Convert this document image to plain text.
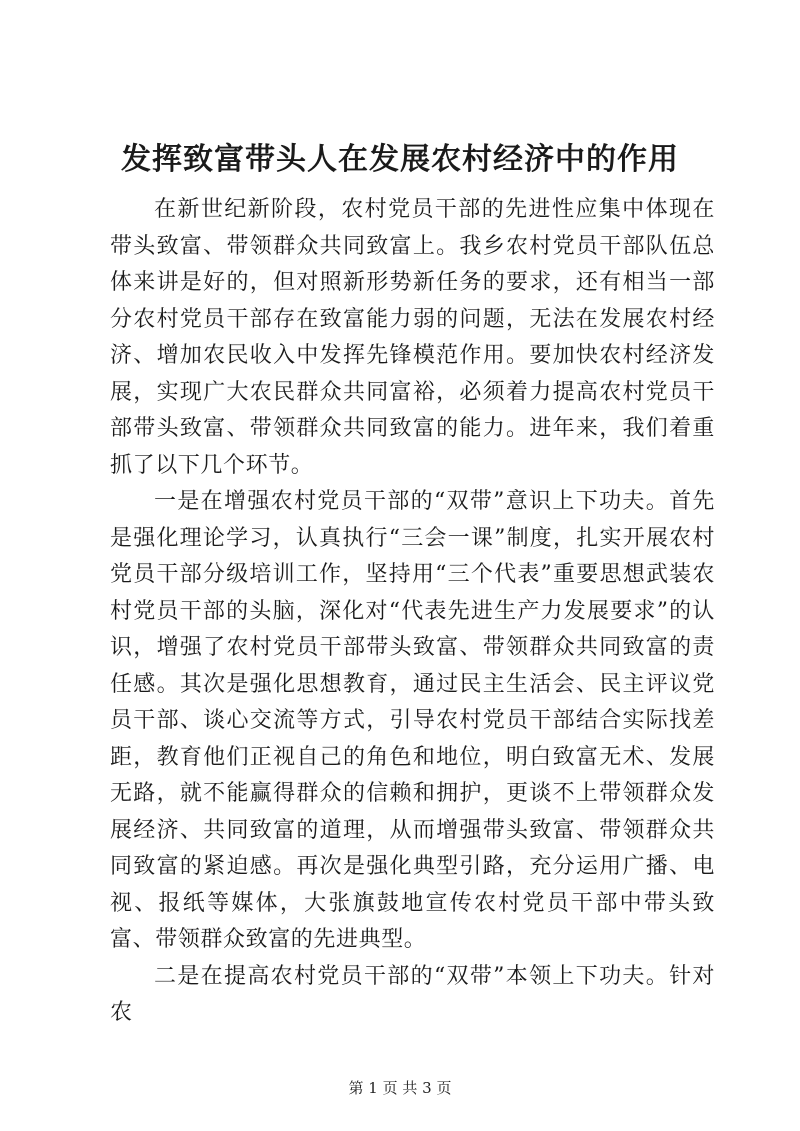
发挥致富带头人在发展农村经济中的作用

在新世纪新阶段，农村党员干部的先进性应集中体现在带头致富、带领群众共同致富上。我乡农村党员干部队伍总体来讲是好的，但对照新形势新任务的要求，还有相当一部分农村党员干部存在致富能力弱的问题，无法在发展农村经济、增加农民收入中发挥先锋模范作用。要加快农村经济发展，实现广大农民群众共同富裕，必须着力提高农村党员干部带头致富、带领群众共同致富的能力。进年来，我们着重抓了以下几个环节。

一是在增强农村党员干部的“双带”意识上下功夫。首先是强化理论学习，认真执行“三会一课”制度，扎实开展农村党员干部分级培训工作，坚持用“三个代表”重要思想武装农村党员干部的头脑，深化对“代表先进生产力发展要求”的认识，增强了农村党员干部带头致富、带领群众共同致富的责任感。其次是强化思想教育，通过民主生活会、民主评议党员干部、谈心交流等方式，引导农村党员干部结合实际找差距，教育他们正视自己的角色和地位，明白致富无术、发展无路，就不能赢得群众的信赖和拥护，更谈不上带领群众发展经济、共同致富的道理，从而增强带头致富、带领群众共同致富的紧迫感。再次是强化典型引路，充分运用广播、电视、报纸等媒体，大张旗鼓地宣传农村党员干部中带头致富、带领群众致富的先进典型。

二是在提高农村党员干部的“双带”本领上下功夫。针对农

第 1 页 共 3 页
